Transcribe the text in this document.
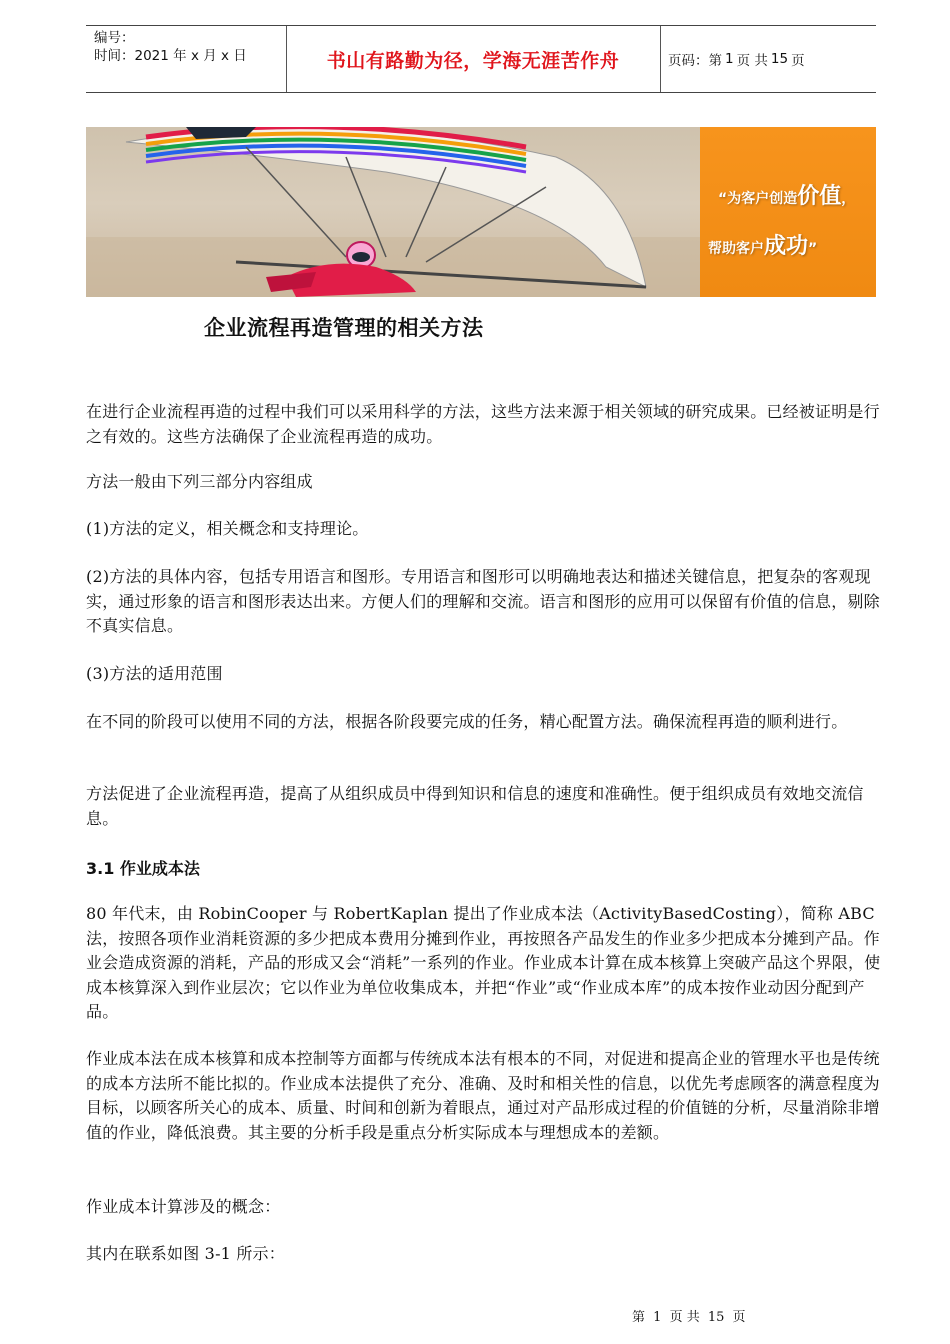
编号：
时间：2021 年 x 月 x 日	书山有路勤为径，学海无涯苦作舟	页码：第 1 页 共 15 页
“为客户创造价值，
帮助客户成功”
企业流程再造管理的相关方法

在进行企业流程再造的过程中我们可以采用科学的方法，这些方法来源于相关领域的研究成果。已经被证明是行之有效的。这些方法确保了企业流程再造的成功。

方法一般由下列三部分内容组成

(1)方法的定义，相关概念和支持理论。

(2)方法的具体内容，包括专用语言和图形。专用语言和图形可以明确地表达和描述关键信息，把复杂的客观现实，通过形象的语言和图形表达出来。方便人们的理解和交流。语言和图形的应用可以保留有价值的信息，剔除不真实信息。

(3)方法的适用范围

在不同的阶段可以使用不同的方法，根据各阶段要完成的任务，精心配置方法。确保流程再造的顺利进行。

方法促进了企业流程再造，提高了从组织成员中得到知识和信息的速度和准确性。便于组织成员有效地交流信息。

3.1 作业成本法

80 年代末，由 RobinCooper 与 RobertKaplan 提出了作业成本法（ActivityBasedCosting），简称 ABC 法，按照各项作业消耗资源的多少把成本费用分摊到作业，再按照各产品发生的作业多少把成本分摊到产品。作业会造成资源的消耗，产品的形成又会“消耗”一系列的作业。作业成本计算在成本核算上突破产品这个界限，使成本核算深入到作业层次；它以作业为单位收集成本，并把“作业”或“作业成本库”的成本按作业动因分配到产品。

作业成本法在成本核算和成本控制等方面都与传统成本法有根本的不同，对促进和提高企业的管理水平也是传统的成本方法所不能比拟的。作业成本法提供了充分、准确、及时和相关性的信息，以优先考虑顾客的满意程度为目标，以顾客所关心的成本、质量、时间和创新为着眼点，通过对产品形成过程的价值链的分析，尽量消除非增值的作业，降低浪费。其主要的分析手段是重点分析实际成本与理想成本的差额。

作业成本计算涉及的概念：

其内在联系如图 3-1 所示：

第 1 页 共 15 页
